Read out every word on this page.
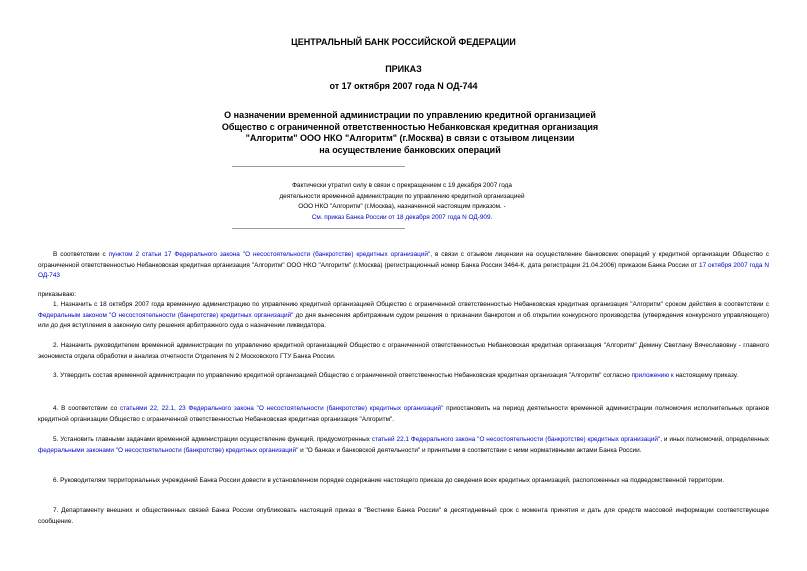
ЦЕНТРАЛЬНЫЙ БАНК РОССИЙСКОЙ ФЕДЕРАЦИИ
ПРИКАЗ
от 17 октября 2007 года N ОД-744
О назначении временной администрации по управлению кредитной организацией
Общество с ограниченной ответственностью Небанковская кредитная организация
"Алгоритм" ООО НКО "Алгоритм" (г.Москва) в связи с отзывом лицензии
на осуществление банковских операций
Фактически утратил силу в связи с прекращением с 19 декабря 2007 года
деятельности временной администрации по управлению кредитной организацией
ООО НКО "Алгоритм" (г.Москва), назначенной настоящим приказом. -
См. приказ Банка России от 18 декабря 2007 года N ОД-909.
В соответствии с пунктом 2 статьи 17 Федерального закона "О несостоятельности (банкротстве) кредитных организаций", в связи с отзывом лицензии на осуществление банковских операций у кредитной организации Общество с ограниченной ответственностью Небанковская кредитная организация "Алгоритм" ООО НКО "Алгоритм" (г.Москва) (регистрационный номер Банка России 3464-К, дата регистрации 21.04.2006) приказом Банка России от 17 октября 2007 года N ОД-743
приказываю:
1. Назначить с 18 октября 2007 года временную администрацию по управлению кредитной организацией Общество с ограниченной ответственностью Небанковская кредитная организация "Алгоритм" сроком действия в соответствии с Федеральным законом "О несостоятельности (банкротстве) кредитных организаций" до дня вынесения арбитражным судом решения о признании банкротом и об открытии конкурсного производства (утверждения конкурсного управляющего) или до дня вступления в законную силу решения арбитражного суда о назначении ликвидатора.
2. Назначить руководителем временной администрации по управлению кредитной организацией Общество с ограниченной ответственностью Небанковская кредитная организация "Алгоритм" Демину Светлану Вячеславовну - главного экономиста отдела обработки и анализа отчетности Отделения N 2 Московского ГТУ Банка России.
3. Утвердить состав временной администрации по управлению кредитной организацией Общество с ограниченной ответственностью Небанковская кредитная организация "Алгоритм" согласно приложению к настоящему приказу.
4. В соответствии со статьями 22, 22.1, 23 Федерального закона "О несостоятельности (банкротстве) кредитных организаций" приостановить на период деятельности временной администрации полномочия исполнительных органов кредитной организации Общество с ограниченной ответственностью Небанковская кредитная организация "Алгоритм".
5. Установить главными задачами временной администрации осуществление функций, предусмотренных статьей 22.1 Федерального закона "О несостоятельности (банкротстве) кредитных организаций", и иных полномочий, определенных федеральными законами "О несостоятельности (банкротстве) кредитных организаций" и "О банках и банковской деятельности" и принятыми в соответствии с ними нормативными актами Банка России.
6. Руководителям территориальных учреждений Банка России довести в установленном порядке содержание настоящего приказа до сведения всех кредитных организаций, расположенных на подведомственной территории.
7. Департаменту внешних и общественных связей Банка России опубликовать настоящий приказ в "Вестнике Банка России" в десятидневный срок с момента принятия и дать для средств массовой информации соответствующее сообщение.
